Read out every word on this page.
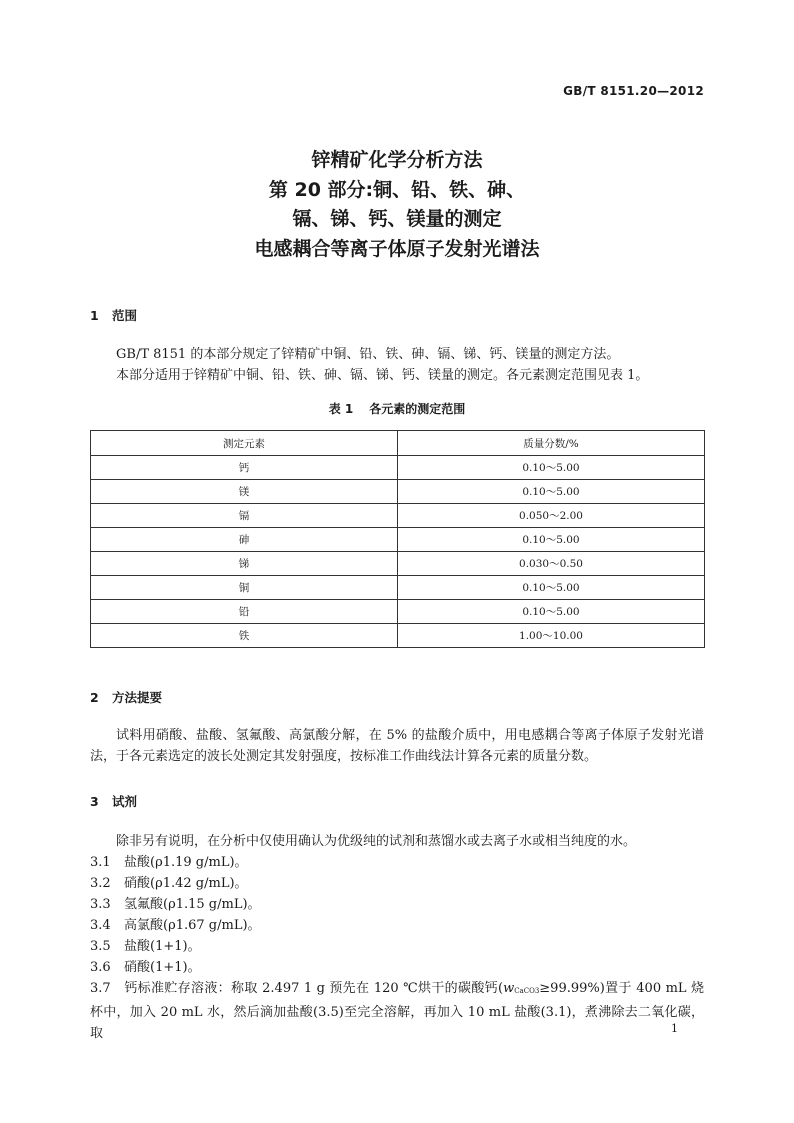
GB/T 8151.20—2012
锌精矿化学分析方法
第 20 部分:铜、铅、铁、砷、
镉、锑、钙、镁量的测定
电感耦合等离子体原子发射光谱法
1 范围
GB/T 8151 的本部分规定了锌精矿中铜、铅、铁、砷、镉、锑、钙、镁量的测定方法。
本部分适用于锌精矿中铜、铅、铁、砷、镉、锑、钙、镁量的测定。各元素测定范围见表 1。
表 1 各元素的测定范围
测定元素	质量分数/%
钙	0.10～5.00
镁	0.10～5.00
镉	0.050～2.00
砷	0.10～5.00
锑	0.030～0.50
铜	0.10～5.00
铅	0.10～5.00
铁	1.00～10.00
2 方法提要
试料用硝酸、盐酸、氢氟酸、高氯酸分解，在 5% 的盐酸介质中，用电感耦合等离子体原子发射光谱法，于各元素选定的波长处测定其发射强度，按标准工作曲线法计算各元素的质量分数。
3 试剂
除非另有说明，在分析中仅使用确认为优级纯的试剂和蒸馏水或去离子水或相当纯度的水。
3.1 盐酸(ρ1.19 g/mL)。
3.2 硝酸(ρ1.42 g/mL)。
3.3 氢氟酸(ρ1.15 g/mL)。
3.4 高氯酸(ρ1.67 g/mL)。
3.5 盐酸(1+1)。
3.6 硝酸(1+1)。
3.7 钙标准贮存溶液：称取 2.497 1 g 预先在 120 ℃烘干的碳酸钙(wCaCO3≥99.99%)置于 400 mL 烧杯中，加入 20 mL 水，然后滴加盐酸(3.5)至完全溶解，再加入 10 mL 盐酸(3.1)，煮沸除去二氧化碳，取	1
